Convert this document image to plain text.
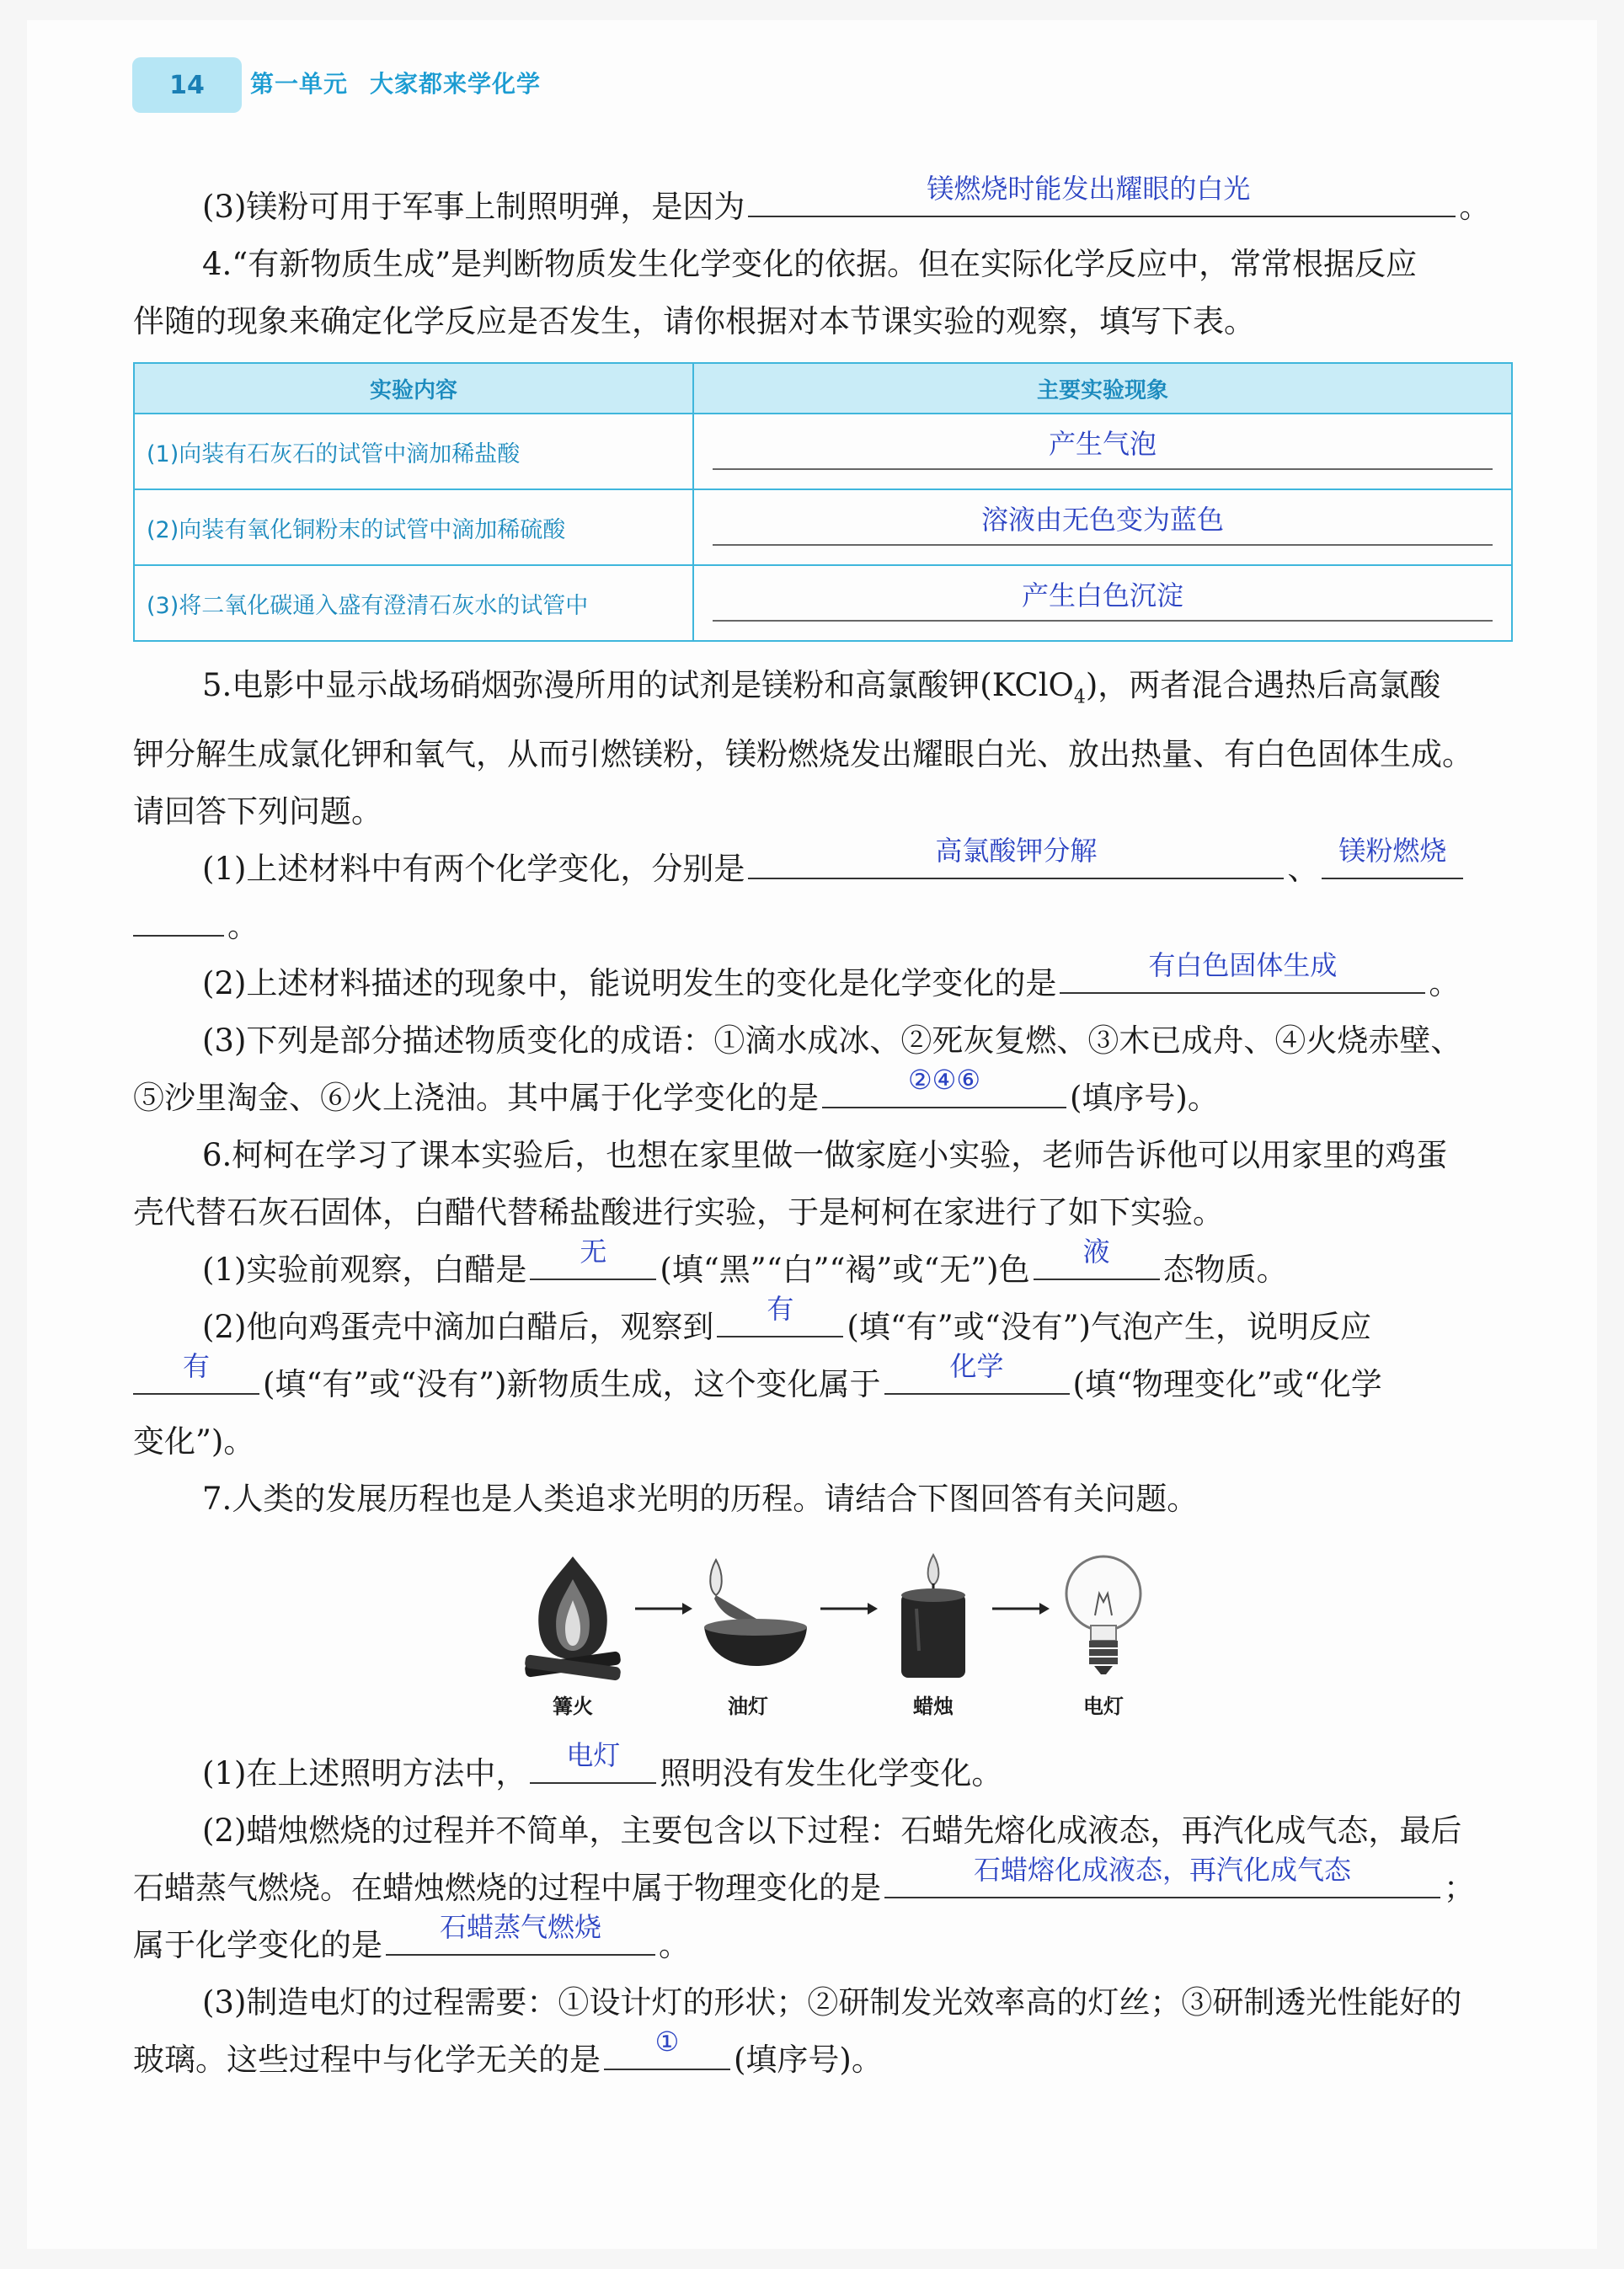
14	第一单元 大家都来学化学
(3)镁粉可用于军事上制照明弹，是因为	镁燃烧时能发出耀眼的白光	。
4.“有新物质生成”是判断物质发生化学变化的依据。但在实际化学反应中，常常根据反应
伴随的现象来确定化学反应是否发生，请你根据对本节课实验的观察，填写下表。
实验内容	主要实验现象
(1)向装有石灰石的试管中滴加稀盐酸	产生气泡

(2)向装有氧化铜粉末的试管中滴加稀硫酸	溶液由无色变为蓝色

(3)将二氧化碳通入盛有澄清石灰水的试管中	产生白色沉淀
5.电影中显示战场硝烟弥漫所用的试剂是镁粉和高氯酸钾(KClO$_4$)，两者混合遇热后高氯酸
钾分解生成氯化钾和氧气，从而引燃镁粉，镁粉燃烧发出耀眼白光、放出热量、有白色固体生成。
请回答下列问题。
(1)上述材料中有两个化学变化，分别是	高氯酸钾分解	、 镁粉燃烧
。
(2)上述材料描述的现象中，能说明发生的变化是化学变化的是	有白色固体生成	。
(3)下列是部分描述物质变化的成语：①滴水成冰、②死灰复燃、③木已成舟、④火烧赤壁、
⑤沙里淘金、⑥火上浇油。其中属于化学变化的是	②④⑥	(填序号)。
6.柯柯在学习了课本实验后，也想在家里做一做家庭小实验，老师告诉他可以用家里的鸡蛋
壳代替石灰石固体，白醋代替稀盐酸进行实验，于是柯柯在家进行了如下实验。
(1)实验前观察，白醋是	无	(填“黑”“白”“褐”或“无”)色	液	态物质。
(2)他向鸡蛋壳中滴加白醋后，观察到	有	(填“有”或“没有”)气泡产生，说明反应
有	(填“有”或“没有”)新物质生成，这个变化属于	化学	(填“物理变化”或“化学
变化”)。
7.人类的发展历程也是人类追求光明的历程。请结合下图回答有关问题。
篝火	油灯	蜡烛	电灯
(1)在上述照明方法中，	电灯	照明没有发生化学变化。
(2)蜡烛燃烧的过程并不简单，主要包含以下过程：石蜡先熔化成液态，再汽化成气态，最后
石蜡蒸气燃烧。在蜡烛燃烧的过程中属于物理变化的是	石蜡熔化成液态，再汽化成气态	；
属于化学变化的是	石蜡蒸气燃烧	。
(3)制造电灯的过程需要：①设计灯的形状；②研制发光效率高的灯丝；③研制透光性能好的
玻璃。这些过程中与化学无关的是	①	(填序号)。
